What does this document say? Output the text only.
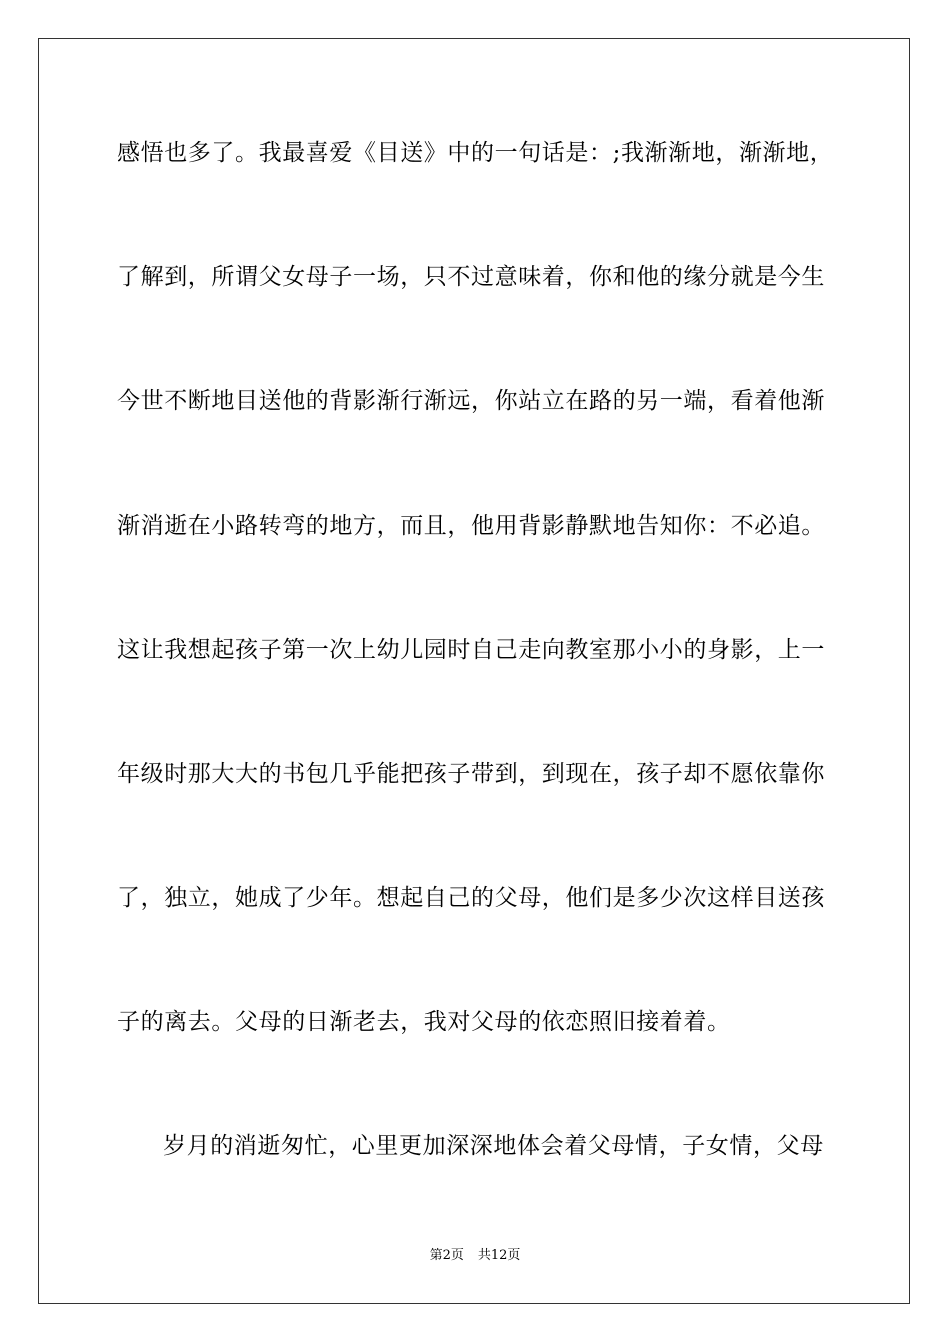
感悟也多了。我最喜爱《目送》中的一句话是：;我渐渐地，渐渐地，
了解到，所谓父女母子一场，只不过意味着，你和他的缘分就是今生
今世不断地目送他的背影渐行渐远，你站立在路的另一端，看着他渐
渐消逝在小路转弯的地方，而且，他用背影静默地告知你：不必追。
这让我想起孩子第一次上幼儿园时自己走向教室那小小的身影，上一
年级时那大大的书包几乎能把孩子带到，到现在，孩子却不愿依靠你
了，独立，她成了少年。想起自己的父母，他们是多少次这样目送孩
子的离去。父母的日渐老去，我对父母的依恋照旧接着着。
岁月的消逝匆忙，心里更加深深地体会着父母情，子女情，父母
第2页 共12页
